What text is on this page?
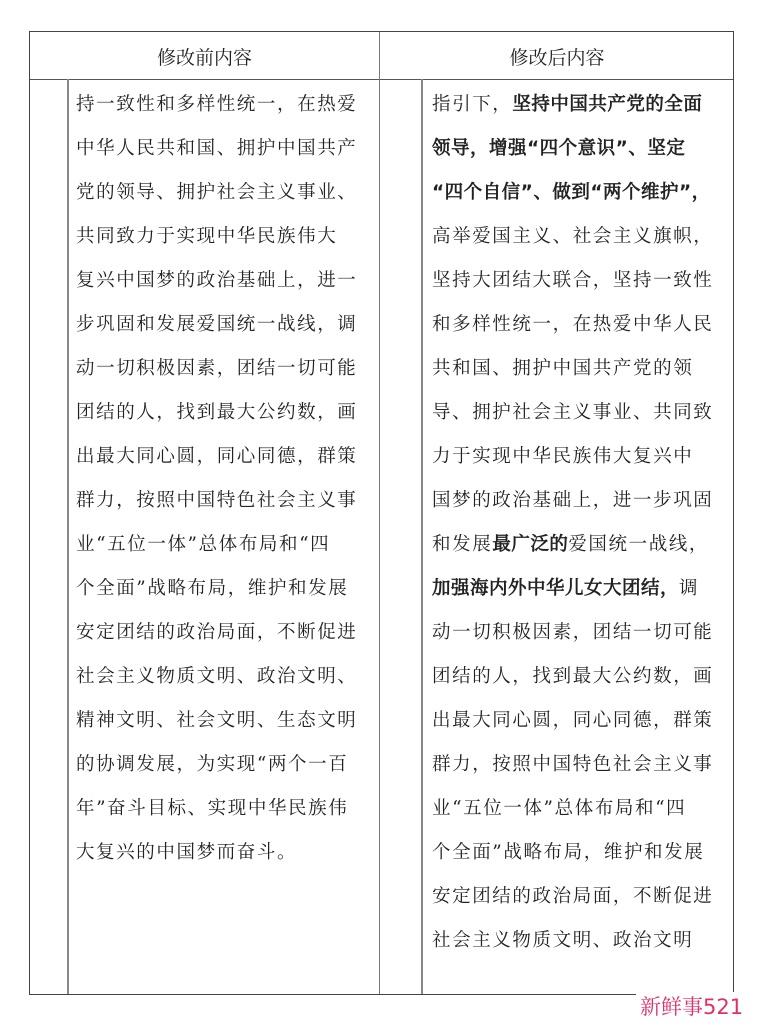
修改前内容	修改后内容
持一致性和多样性统一，在热爱
中华人民共和国、拥护中国共产
党的领导、拥护社会主义事业、
共同致力于实现中华民族伟大
复兴中国梦的政治基础上，进一
步巩固和发展爱国统一战线，调
动一切积极因素，团结一切可能
团结的人，找到最大公约数，画
出最大同心圆，同心同德，群策
群力，按照中国特色社会主义事
业“五位一体”总体布局和“四
个全面”战略布局，维护和发展
安定团结的政治局面，不断促进
社会主义物质文明、政治文明、
精神文明、社会文明、生态文明
的协调发展，为实现“两个一百
年”奋斗目标、实现中华民族伟
大复兴的中国梦而奋斗。
指引下，坚持中国共产党的全面
领导，增强“四个意识”、坚定
“四个自信”、做到“两个维护”，
高举爱国主义、社会主义旗帜，
坚持大团结大联合，坚持一致性
和多样性统一，在热爱中华人民
共和国、拥护中国共产党的领
导、拥护社会主义事业、共同致
力于实现中华民族伟大复兴中
国梦的政治基础上，进一步巩固
和发展最广泛的爱国统一战线，
加强海内外中华儿女大团结，调
动一切积极因素，团结一切可能
团结的人，找到最大公约数，画
出最大同心圆，同心同德，群策
群力，按照中国特色社会主义事
业“五位一体”总体布局和“四
个全面”战略布局，维护和发展
安定团结的政治局面，不断促进
社会主义物质文明、政治文明
新鲜事521
